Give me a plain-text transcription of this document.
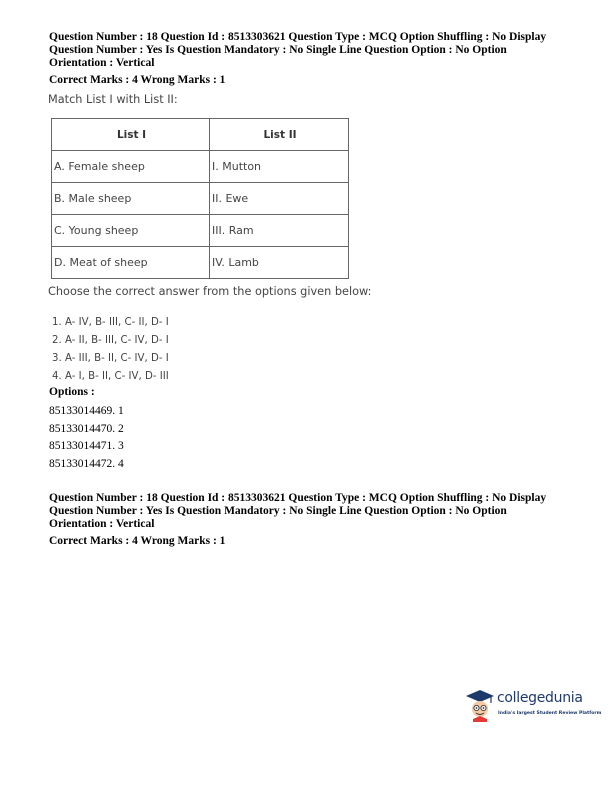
Question Number : 18 Question Id : 8513303621 Question Type : MCQ Option Shuffling : No Display
Question Number : Yes Is Question Mandatory : No Single Line Question Option : No Option
Orientation : Vertical
Correct Marks : 4 Wrong Marks : 1
Match List I with List II:
List I	List II
A. Female sheep	I. Mutton
B. Male sheep	II. Ewe
C. Young sheep	III. Ram
D. Meat of sheep	IV. Lamb
Choose the correct answer from the options given below:
1. A- IV, B- III, C- II, D- I
2. A- II, B- III, C- IV, D- I
3. A- III, B- II, C- IV, D- I
4. A- I, B- II, C- IV, D- III
Options :
85133014469. 1
85133014470. 2
85133014471. 3
85133014472. 4
Question Number : 18 Question Id : 8513303621 Question Type : MCQ Option Shuffling : No Display
Question Number : Yes Is Question Mandatory : No Single Line Question Option : No Option
Orientation : Vertical
Correct Marks : 4 Wrong Marks : 1
collegedunia
India's largest Student Review Platform
